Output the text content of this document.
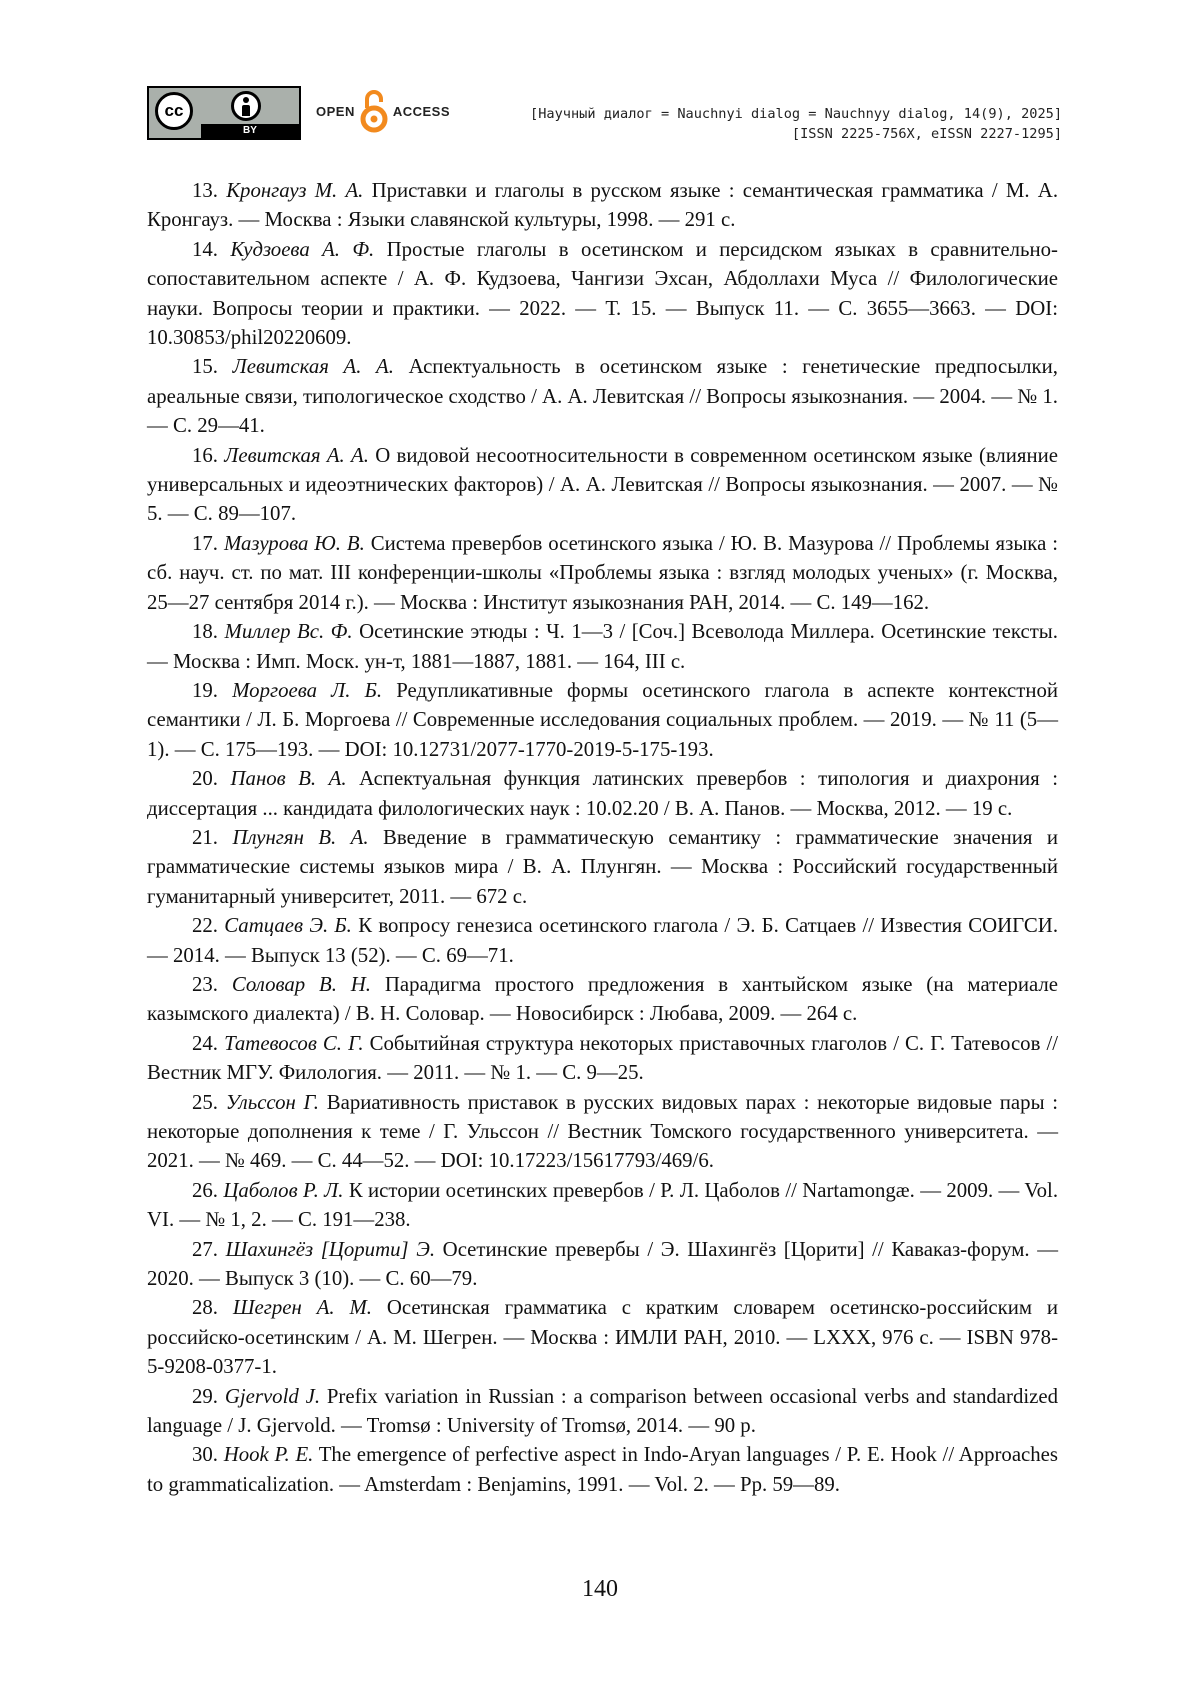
cc
BY
OPEN	ACCESS	[Научный диалог = Nauchnyi dialog = Nauchnyy dialog, 14(9), 2025]
[ISSN 2225-756X, eISSN 2227-1295]

13. Кронгауз М. А. Приставки и глаголы в русском языке : семантическая грамматика / М. А. Кронгауз. — Москва : Языки славянской культуры, 1998. — 291 с.

14. Кудзоева А. Ф. Простые глаголы в осетинском и персидском языках в сравнительно-сопоставительном аспекте / А. Ф. Кудзоева, Чангизи Эхсан, Абдоллахи Муса // Филологические науки. Вопросы теории и практики. — 2022. — Т. 15. — Выпуск 11. — С. 3655—3663. — DOI: 10.30853/phil20220609.

15. Левитская А. А. Аспектуальность в осетинском языке : генетические предпосылки, ареальные связи, типологическое сходство / А. А. Левитская // Вопросы языкознания. — 2004. — № 1. — С. 29—41.

16. Левитская А. А. О видовой несоотносительности в современном осетинском языке (влияние универсальных и идеоэтнических факторов) / А. А. Левитская // Вопросы языкознания. — 2007. — № 5. — С. 89—107.

17. Мазурова Ю. В. Система превербов осетинского языка / Ю. В. Мазурова // Проблемы языка : сб. науч. ст. по мат. III конференции-школы «Проблемы языка : взгляд молодых ученых» (г. Москва, 25—27 сентября 2014 г.). — Москва : Институт языкознания РАН, 2014. — С. 149—162.

18. Миллер Вс. Ф. Осетинские этюды : Ч. 1—3 / [Соч.] Всеволода Миллера. Осетинские тексты. — Москва : Имп. Моск. ун-т, 1881—1887, 1881. — 164, III с.

19. Моргоева Л. Б. Редупликативные формы осетинского глагола в аспекте контекстной семантики / Л. Б. Моргоева // Современные исследования социальных проблем. — 2019. — № 11 (5—1). — С. 175—193. — DOI: 10.12731/2077-1770-2019-5-175-193.

20. Панов В. А. Аспектуальная функция латинских превербов : типология и диахрония : диссертация ... кандидата филологических наук : 10.02.20 / В. А. Панов. — Москва, 2012. — 19 с.

21. Плунгян В. А. Введение в грамматическую семантику : грамматические значения и грамматические системы языков мира / В. А. Плунгян. — Москва : Российский государственный гуманитарный университет, 2011. — 672 с.

22. Сатцаев Э. Б. К вопросу генезиса осетинского глагола / Э. Б. Сатцаев // Известия СОИГСИ. — 2014. — Выпуск 13 (52). — С. 69—71.

23. Соловар В. Н. Парадигма простого предложения в хантыйском языке (на материале казымского диалекта) / В. Н. Соловар. — Новосибирск : Любава, 2009. — 264 с.

24. Татевосов С. Г. Событийная структура некоторых приставочных глаголов / С. Г. Татевосов // Вестник МГУ. Филология. — 2011. — № 1. — С. 9—25.

25. Ульссон Г. Вариативность приставок в русских видовых парах : некоторые видовые пары : некоторые дополнения к теме / Г. Ульссон // Вестник Томского государственного университета. — 2021. — № 469. — С. 44—52. — DOI: 10.17223/15617793/469/6.

26. Цаболов Р. Л. К истории осетинских превербов / Р. Л. Цаболов // Nartamongæ. — 2009. — Vol. VI. — № 1, 2. — С. 191—238.

27. Шахингёз [Цорити] Э. Осетинские превербы / Э. Шахингёз [Цорити] // Каваказ-форум. — 2020. — Выпуск 3 (10). — С. 60—79.

28. Шегрен А. М. Осетинская грамматика с кратким словарем осетинско-российским и российско-осетинским / А. М. Шегрен. — Москва : ИМЛИ РАН, 2010. — LXXX, 976 с. — ISBN 978-5-9208-0377-1.

29. Gjervold J. Prefix variation in Russian : a comparison between occasional verbs and standardized language / J. Gjervold. — Tromsø : University of Tromsø, 2014. — 90 p.

30. Hook P. E. The emergence of perfective aspect in Indo-Aryan languages / P. E. Hook // Approaches to grammaticalization. — Amsterdam : Benjamins, 1991. — Vol. 2. — Pp. 59—89.

140
